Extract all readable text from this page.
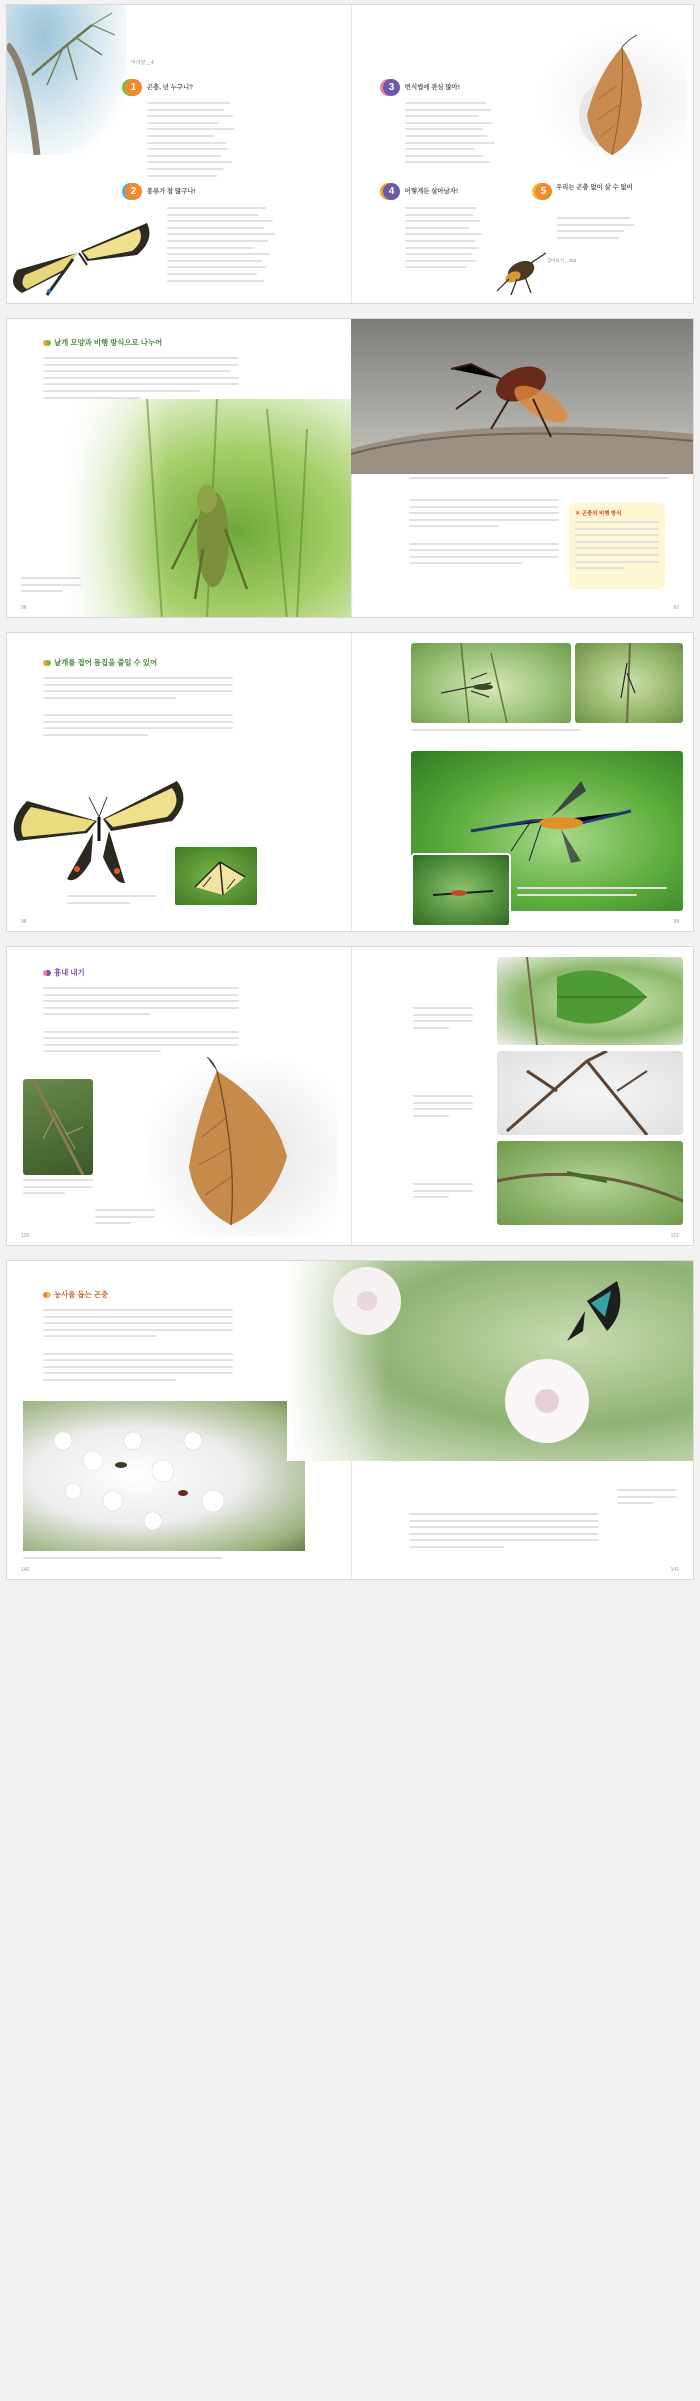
머리말 _ 4
1 곤충, 넌 누구니?	3 번식법에 관심 많아!
2 종류가 참 많구나!	4 어떻게든 살아남자!	5	우리는 곤충 없이 살 수 없어
찾아보기 _ 154
날개 모양과 비행 방식으로 나누어
96
✽ 곤충의 비행 방식
97
날개를 접어 몸집을 줄일 수 있어
98	99
흉내 내기
120	121
농사를 돕는 곤충
140	141
